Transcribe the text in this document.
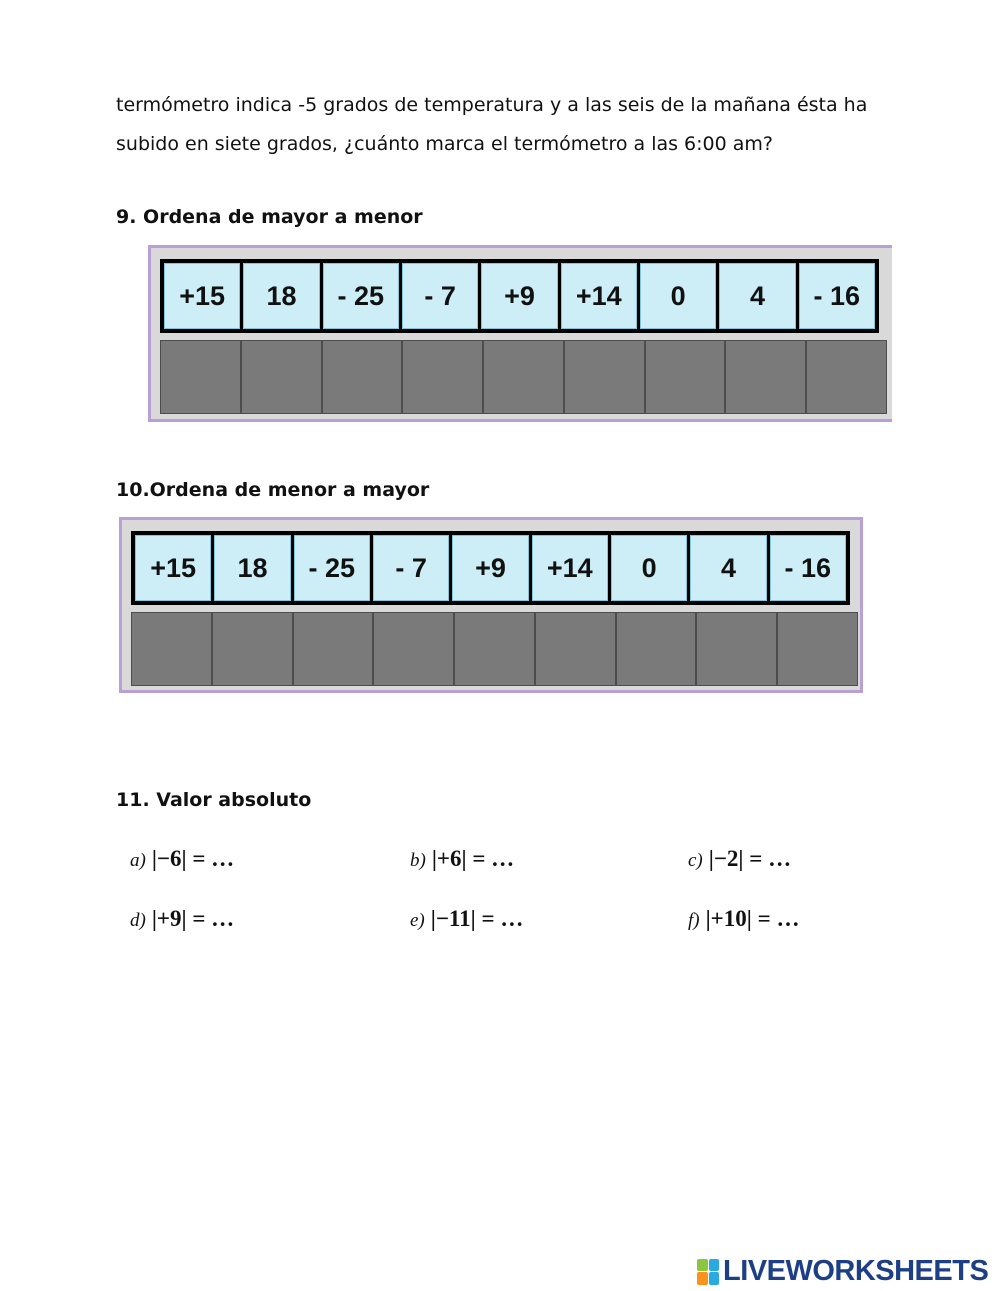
termómetro indica -5 grados de temperatura y a las seis de la mañana ésta ha
subido en siete grados, ¿cuánto marca el termómetro a las 6:00 am?

9. Ordena de mayor a menor
+15	18	- 25	- 7	+9	+14	0	4	- 16
10.Ordena de menor a mayor
+15	18	- 25	- 7	+9	+14	0	4	- 16
11. Valor absoluto
a) |−6| = …	b) |+6| = …	c) |−2| = …
d) |+9| = …	e) |−11| = …	f) |+10| = …
LIVEWORKSHEETS
